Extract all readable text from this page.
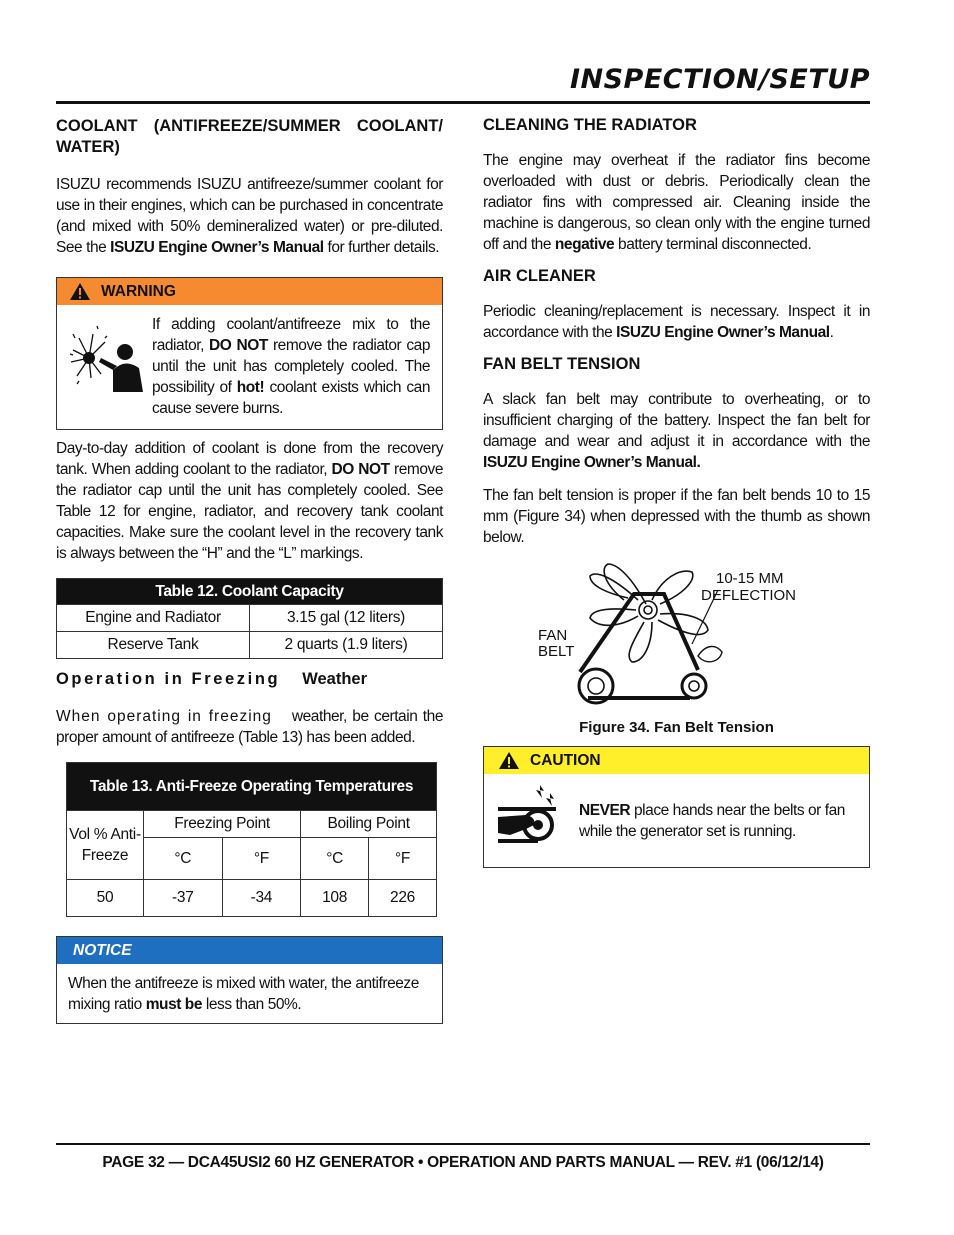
INSPECTION/SETUP

COOLANT (ANTIFREEZE/SUMMER COOLANT/ WATER)

ISUZU recommends ISUZU antifreeze/summer coolant for use in their engines, which can be purchased in concentrate (and mixed with 50% demineralized water) or pre-diluted. See the ISUZU Engine Owner’s Manual for further details.

WARNING

If adding coolant/antifreeze mix to the radiator, DO NOT remove the radiator cap until the unit has completely cooled. The possibility of hot! coolant exists which can cause severe burns.

Day-to-day addition of coolant is done from the recovery tank. When adding coolant to the radiator, DO NOT remove the radiator cap until the unit has completely cooled. See Table 12 for engine, radiator, and recovery tank coolant capacities. Make sure the coolant level in the recovery tank is always between the “H” and the “L” markings.

Table 12. Coolant Capacity	
Engine and Radiator	3.15 gal (12 liters)
Reserve Tank	2 quarts (1.9 liters)

Operation in Freezing Weather

When operating in freezing weather, be certain the proper amount of antifreeze (Table 13) has been added.

Table 13. Anti-Freeze Operating Temperatures				
Vol % Anti-Freeze	Freezing Point		Boiling Point	
	°C	°F	°C	°F
50	-37	-34	108	226
NOTICE

When the antifreeze is mixed with water, the antifreeze mixing ratio must be less than 50%.

CLEANING THE RADIATOR

The engine may overheat if the radiator fins become overloaded with dust or debris. Periodically clean the radiator fins with compressed air. Cleaning inside the machine is dangerous, so clean only with the engine turned off and the negative battery terminal disconnected.

AIR CLEANER

Periodic cleaning/replacement is necessary. Inspect it in accordance with the ISUZU Engine Owner’s Manual.

FAN BELT TENSION

A slack fan belt may contribute to overheating, or to insufficient charging of the battery. Inspect the fan belt for damage and wear and adjust it in accordance with the ISUZU Engine Owner’s Manual.

The fan belt tension is proper if the fan belt bends 10 to 15 mm (Figure 34) when depressed with the thumb as shown below.

10-15 MM
DEFLECTION
FAN
BELT
Figure 34. Fan Belt Tension
CAUTION

NEVER place hands near the belts or fan while the generator set is running.

PAGE 32 — DCA45USI2 60 HZ GENERATOR • OPERATION AND PARTS MANUAL — REV. #1 (06/12/14)
